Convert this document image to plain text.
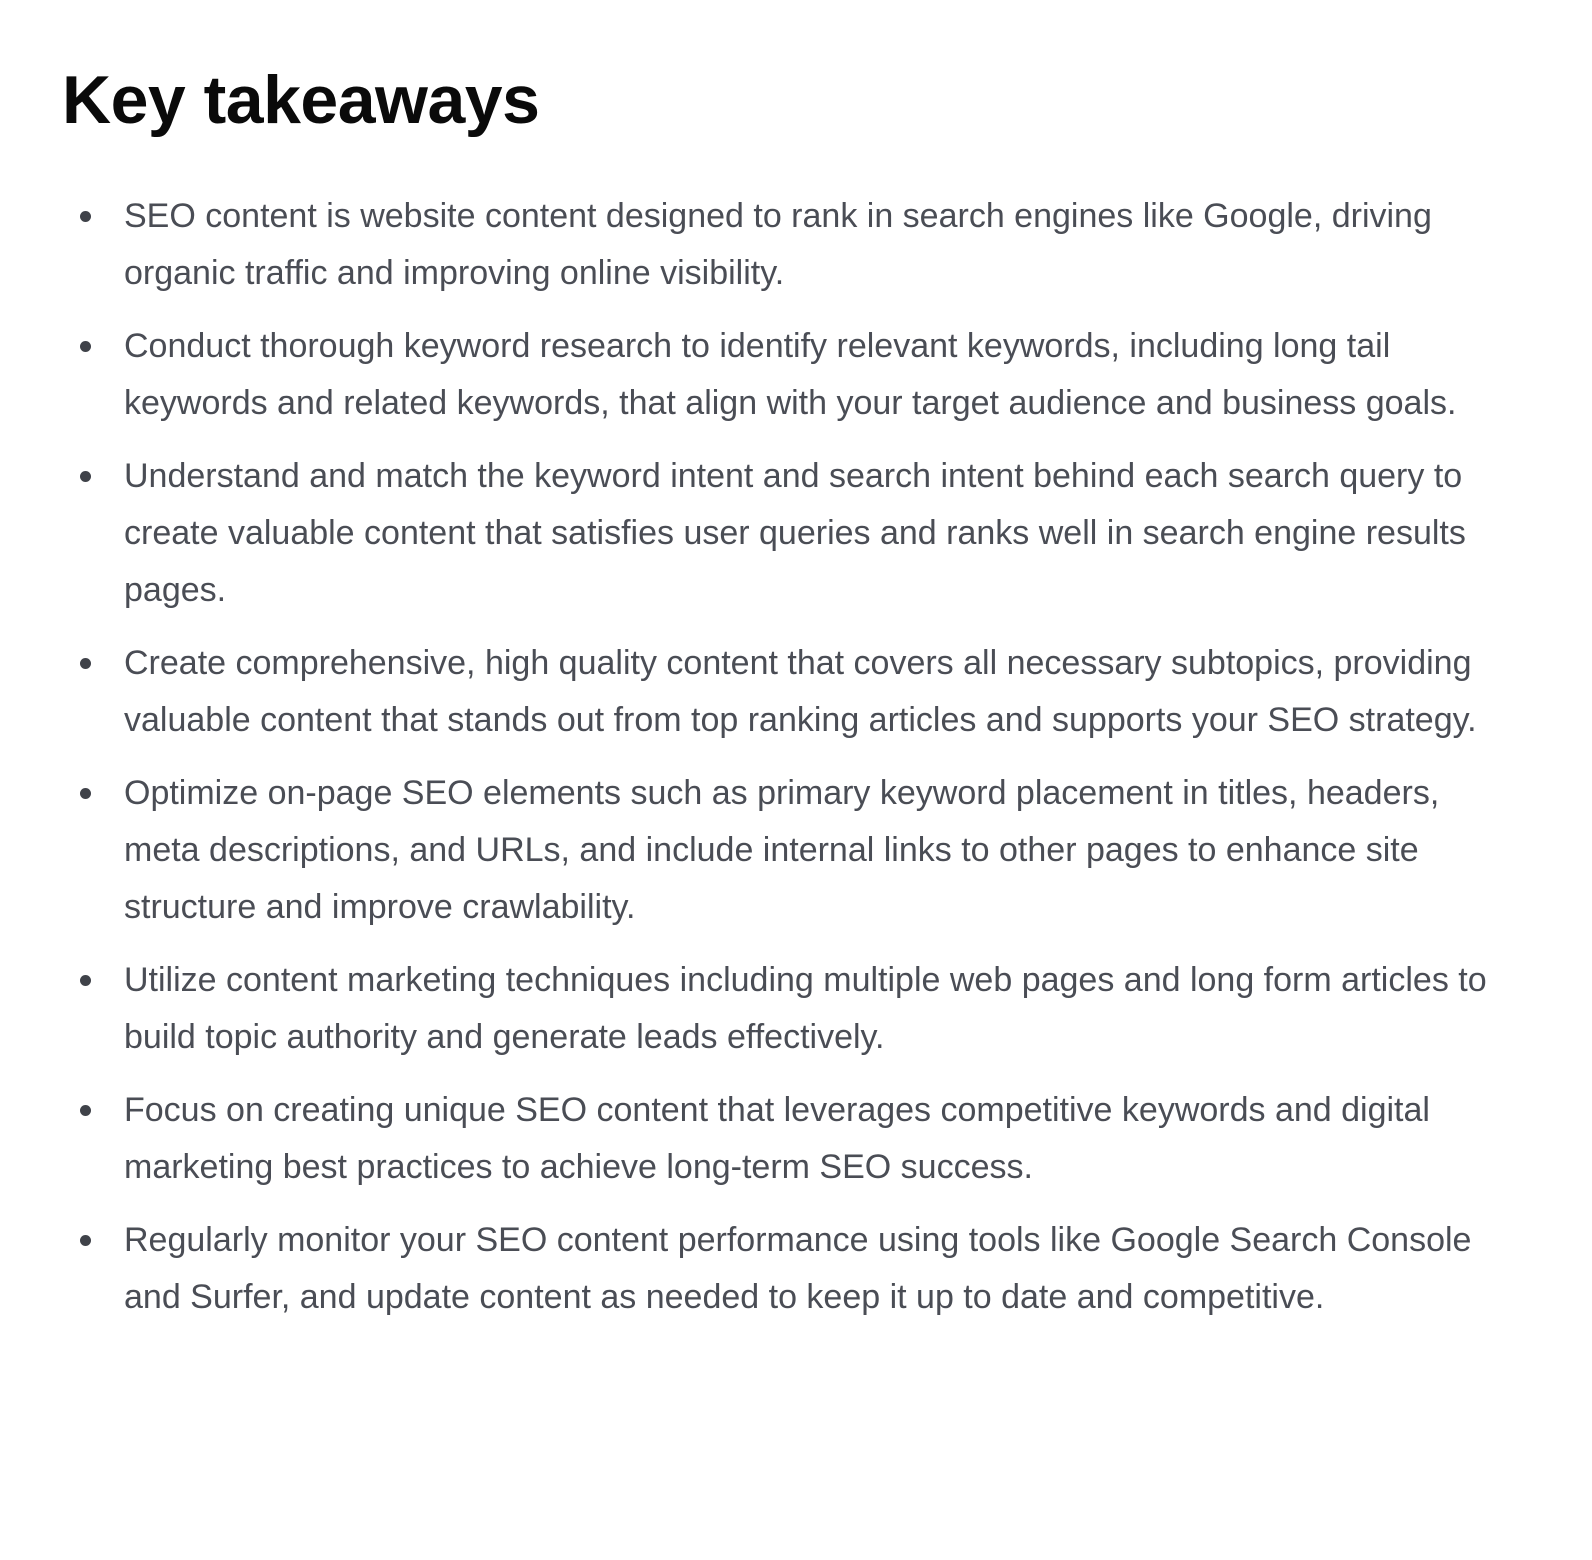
Key takeaways
SEO content is website content designed to rank in search engines like Google, driving organic traffic and improving online visibility.
Conduct thorough keyword research to identify relevant keywords, including long tail keywords and related keywords, that align with your target audience and business goals.
Understand and match the keyword intent and search intent behind each search query to create valuable content that satisfies user queries and ranks well in search engine results pages.
Create comprehensive, high quality content that covers all necessary subtopics, providing valuable content that stands out from top ranking articles and supports your SEO strategy.
Optimize on-page SEO elements such as primary keyword placement in titles, headers, meta descriptions, and URLs, and include internal links to other pages to enhance site structure and improve crawlability.
Utilize content marketing techniques including multiple web pages and long form articles to build topic authority and generate leads effectively.
Focus on creating unique SEO content that leverages competitive keywords and digital marketing best practices to achieve long-term SEO success.
Regularly monitor your SEO content performance using tools like Google Search Console and Surfer, and update content as needed to keep it up to date and competitive.
